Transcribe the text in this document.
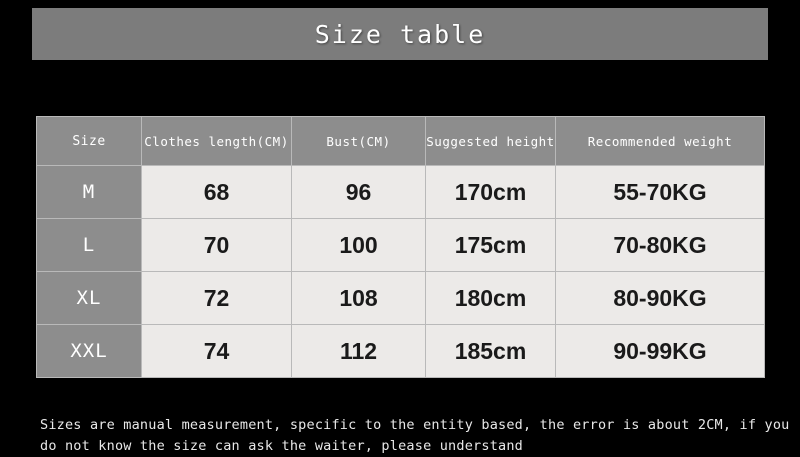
Size table
Size	Clothes length(CM)	Bust(CM)	Suggested height	Recommended weight
M	68	96	170cm	55-70KG
L	70	100	175cm	70-80KG
XL	72	108	180cm	80-90KG
XXL	74	112	185cm	90-99KG
Sizes are manual measurement, specific to the entity based, the error is about 2CM, if you
do not know the size can ask the waiter, please understand
